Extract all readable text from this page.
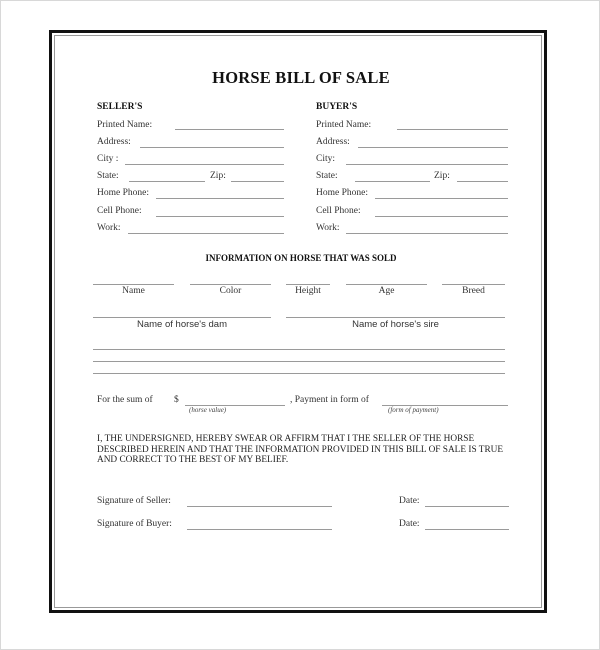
HORSE BILL OF SALE
SELLER'S
Printed Name:
Address:
City :
State:	Zip:
Home Phone:
Cell Phone:
Work:
BUYER'S
Printed Name:
Address:
City:
State:	Zip:
Home Phone:
Cell Phone:
Work:
INFORMATION ON HORSE THAT WAS SOLD
Name	Color	Height	Age	Breed
Name of horse's dam	Name of horse's sire
For the sum of $
(horse value)
, Payment in form of
(form of payment)
I, THE UNDERSIGNED, HEREBY SWEAR OR AFFIRM THAT I THE SELLER OF THE HORSE DESCRIBED HEREIN AND THAT THE INFORMATION PROVIDED IN THIS BILL OF SALE IS TRUE AND CORRECT TO THE BEST OF MY BELIEF.
Signature of Seller:	Date:
Signature of Buyer:	Date:
